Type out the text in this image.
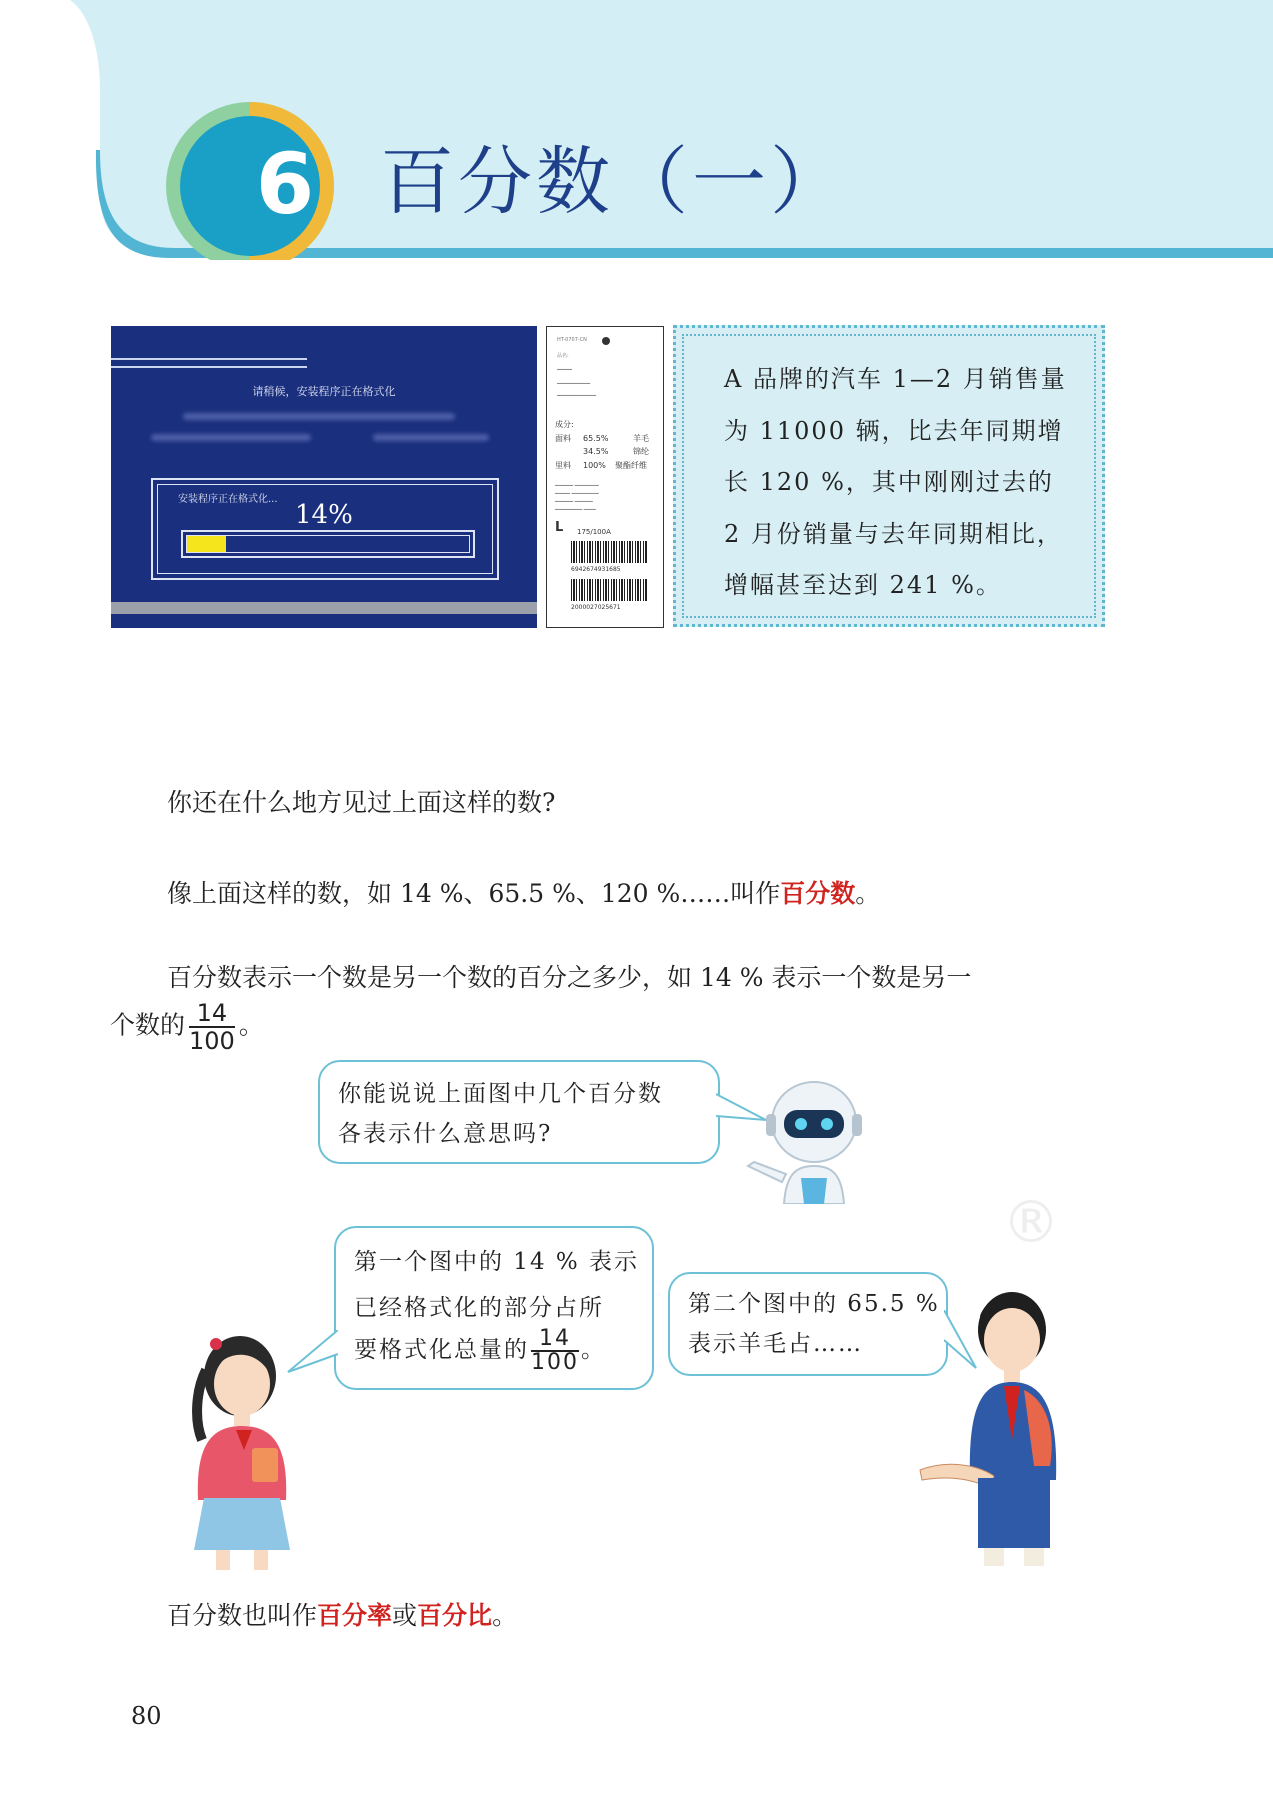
6 百分数（一）
请稍候，安装程序正在格式化
安装程序正在格式化...
14%
HT-0707-CN
品名:
━━━━━
━━━━━━━━━━━
━━━━━━━━━━━━━
成分:
面料 65.5%	羊毛
34.5%	锦纶
里料 100% 聚酯纤维
━━━━━━ ━━━━━━━━
━━━━━ ━━━━━━━━━
━━━━━━ ━━━━━━
━━━━━━━━━ ━━━━
L 175/100A
6942674931685
2000027025671
A 品牌的汽车 1—2 月销售量
为 11000 辆，比去年同期增
长 120 %，其中刚刚过去的
2 月份销量与去年同期相比，
增幅甚至达到 241 %。
你还在什么地方见过上面这样的数?
像上面这样的数，如 14 %、65.5 %、120 %……叫作百分数。
百分数表示一个数是另一个数的百分之多少，如 14 % 表示一个数是另一
个数的 $\frac{14}{100}$ 。
®
你能说说上面图中几个百分数
各表示什么意思吗?
第一个图中的 14 % 表示
已经格式化的部分占所
要格式化总量的 $\frac{14}{100}$ 。
第二个图中的 65.5 %
表示羊毛占……
百分数也叫作百分率或百分比。
80
